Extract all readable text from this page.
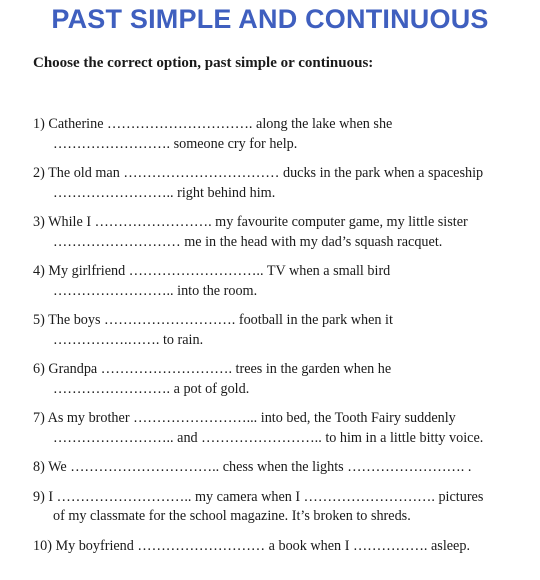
PAST SIMPLE AND CONTINUOUS
Choose the correct option, past simple or continuous:
1) Catherine …………………………. along the lake when she
……………………. someone cry for help.
2) The old man …………………………… ducks in the park when a spaceship
…………………….. right behind him.
3) While I ……………………. my favourite computer game, my little sister
……………………… me in the head with my dad’s squash racquet.
4) My girlfriend ……………………….. TV when a small bird
…………………….. into the room.
5) The boys ………………………. football in the park when it
…………….……. to rain.
6) Grandpa ………………………. trees in the garden when he
……………………. a pot of gold.
7) As my brother ……………………... into bed, the Tooth Fairy suddenly
…………………….. and …………………….. to him in a little bitty voice.
8) We ………………………….. chess when the lights ……………………. .
9) I ……………………….. my camera when I ………………………. pictures
of my classmate for the school magazine. It’s broken to shreds.
10) My boyfriend ……………………… a book when I ……………. asleep.
